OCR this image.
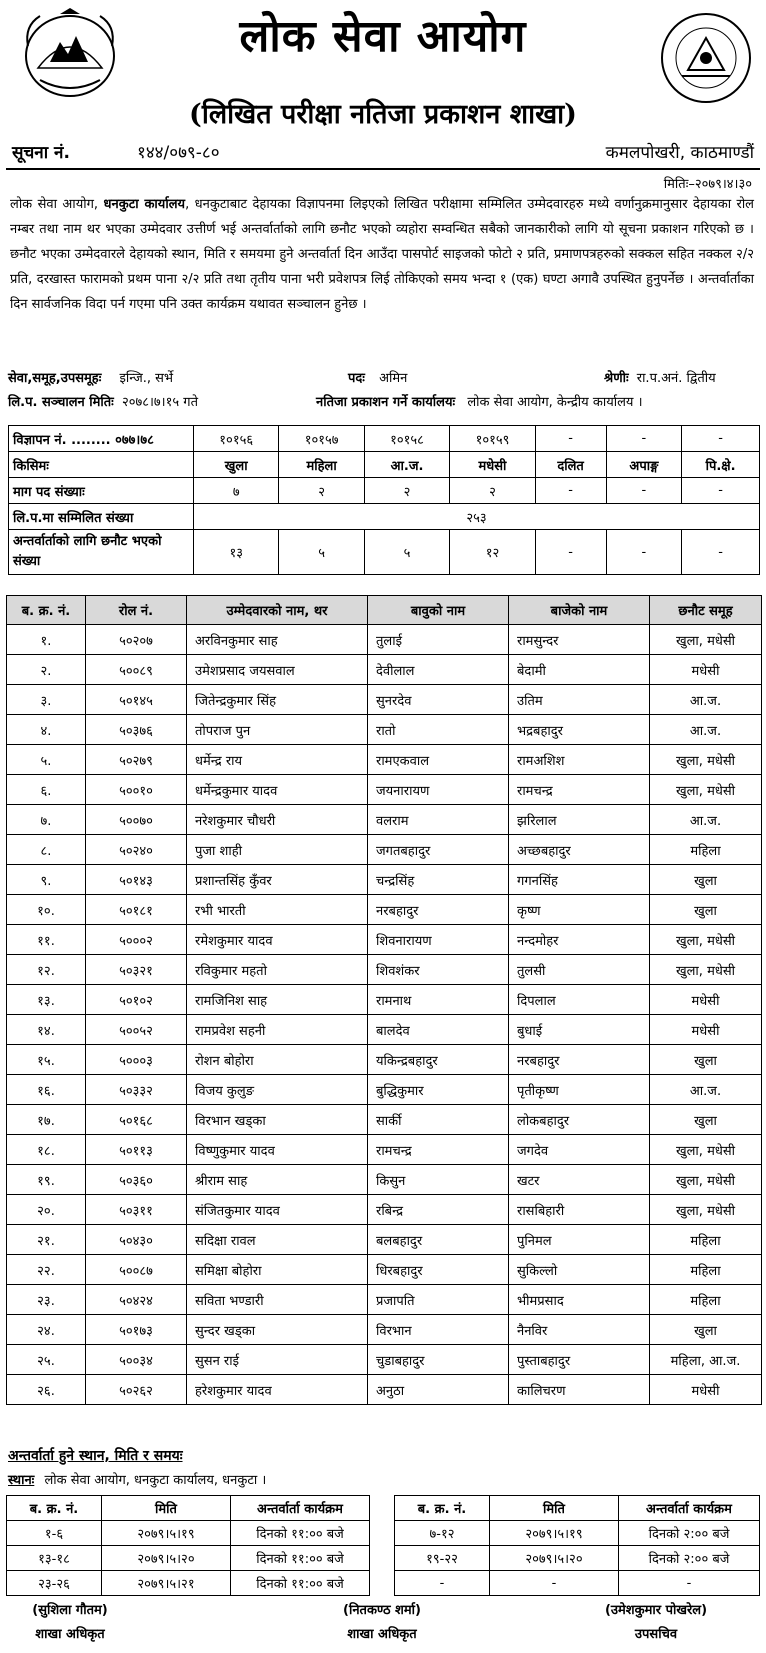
लोक सेवा आयोग
(लिखित परीक्षा नतिजा प्रकाशन शाखा)
सूचना नं.	१४४/०७९-८०	कमलपोखरी, काठमाण्डौं
मितिः–२०७९।४।३०
लोक सेवा आयोग, धनकुटा कार्यालय, धनकुटाबाट देहायका विज्ञापनमा लिइएको लिखित परीक्षामा सम्मिलित उम्मेदवारहरु मध्ये वर्णानुक्रमानुसार देहायका रोल नम्बर तथा नाम थर भएका उम्मेदवार उत्तीर्ण भई अन्तर्वार्ताको लागि छनौट भएको व्यहोरा सम्वन्धित सबैको जानकारीको लागि यो सूचना प्रकाशन गरिएको छ । छनौट भएका उम्मेदवारले देहायको स्थान, मिति र समयमा हुने अन्तर्वार्ता दिन आउँदा पासपोर्ट साइजको फोटो २ प्रति, प्रमाणपत्रहरुको सक्कल सहित नक्कल २/२ प्रति, दरखास्त फारामको प्रथम पाना २/२ प्रति तथा तृतीय पाना भरी प्रवेशपत्र लिई तोकिएको समय भन्दा १ (एक) घण्टा अगावै उपस्थित हुनुपर्नेछ । अन्तर्वार्ताका दिन सार्वजनिक विदा पर्न गएमा पनि उक्त कार्यक्रम यथावत सञ्चालन हुनेछ ।
सेवा,समूह,उपसमूहः इन्जि., सर्भे	पदः अमिन	श्रेणीः रा.प.अनं. द्वितीय
लि.प. सञ्चालन मितिः २०७८।७।१५ गते	नतिजा प्रकाशन गर्ने कार्यालयः लोक सेवा आयोग, केन्द्रीय कार्यालय ।
विज्ञापन नं. ........ ०७७।७८	१०१५६	१०१५७	१०१५८	१०१५९	-	-	-
किसिमः	खुला	महिला	आ.ज.	मधेसी	दलित	अपाङ्ग	पि.क्षे.
माग पद संख्याः	७	२	२	२	-	-	-
लि.प.मा सम्मिलित संख्या	२५३						
अन्तर्वार्ताको लागि छनौट भएको संख्या	१३	५	५	१२	-	-	-
ब. क्र. नं.	रोल नं.	उम्मेदवारको नाम, थर	बावुको नाम	बाजेको नाम	छनौट समूह
१.	५०२०७	अरविनकुमार साह	तुलाई	रामसुन्दर	खुला, मधेसी
२.	५००८९	उमेशप्रसाद जयसवाल	देवीलाल	बेदामी	मधेसी
३.	५०१४५	जितेन्द्रकुमार सिंह	सुनरदेव	उतिम	आ.ज.
४.	५०३७६	तोपराज पुन	रातो	भद्रबहादुर	आ.ज.
५.	५०२७९	धर्मेन्द्र राय	रामएकवाल	रामअशिश	खुला, मधेसी
६.	५००१०	धर्मेन्द्रकुमार यादव	जयनारायण	रामचन्द्र	खुला, मधेसी
७.	५००७०	नरेशकुमार चौधरी	वलराम	झरिलाल	आ.ज.
८.	५०२४०	पुजा शाही	जगतबहादुर	अच्छबहादुर	महिला
९.	५०१४३	प्रशान्तसिंह कुँवर	चन्द्रसिंह	गगनसिंह	खुला
१०.	५०१८१	रभी भारती	नरबहादुर	कृष्ण	खुला
११.	५०००२	रमेशकुमार यादव	शिवनारायण	नन्दमोहर	खुला, मधेसी
१२.	५०३२१	रविकुमार महतो	शिवशंकर	तुलसी	खुला, मधेसी
१३.	५०१०२	रामजिनिश साह	रामनाथ	दिपलाल	मधेसी
१४.	५००५२	रामप्रवेश सहनी	बालदेव	बुधाई	मधेसी
१५.	५०००३	रोशन बोहोरा	यकिन्द्रबहादुर	नरबहादुर	खुला
१६.	५०३३२	विजय कुलुङ	बुद्धिकुमार	पृतीकृष्ण	आ.ज.
१७.	५०१६८	विरभान खड्का	सार्की	लोकबहादुर	खुला
१८.	५०११३	विष्णुकुमार यादव	रामचन्द्र	जगदेव	खुला, मधेसी
१९.	५०३६०	श्रीराम साह	किसुन	खटर	खुला, मधेसी
२०.	५०३११	संजितकुमार यादव	रबिन्द्र	रासबिहारी	खुला, मधेसी
२१.	५०४३०	सदिक्षा रावल	बलबहादुर	पुनिमल	महिला
२२.	५००८७	समिक्षा बोहोरा	धिरबहादुर	सुकिल्लो	महिला
२३.	५०४२४	सविता भण्डारी	प्रजापति	भीमप्रसाद	महिला
२४.	५०१७३	सुन्दर खड्का	विरभान	नैनविर	खुला
२५.	५००३४	सुसन राई	चुडाबहादुर	पुस्ताबहादुर	महिला, आ.ज.
२६.	५०२६२	हरेशकुमार यादव	अनुठा	कालिचरण	मधेसी
अन्तर्वार्ता हुने स्थान, मिति र समयः
स्थानः लोक सेवा आयोग, धनकुटा कार्यालय, धनकुटा ।
ब. क्र. नं.	मिति	अन्तर्वार्ता कार्यक्रम
१-६	२०७९।५।१९	दिनको ११:०० बजे
१३-१८	२०७९।५।२०	दिनको ११:०० बजे
२३-२६	२०७९।५।२१	दिनको ११:०० बजे
ब. क्र. नं.	मिति	अन्तर्वार्ता कार्यक्रम
७-१२	२०७९।५।१९	दिनको २:०० बजे
१९-२२	२०७९।५।२०	दिनको २:०० बजे
-	-	-
(सुशिला गौतम)
शाखा अधिकृत
(नितकण्ठ शर्मा)
शाखा अधिकृत
(उमेशकुमार पोखरेल)
उपसचिव
